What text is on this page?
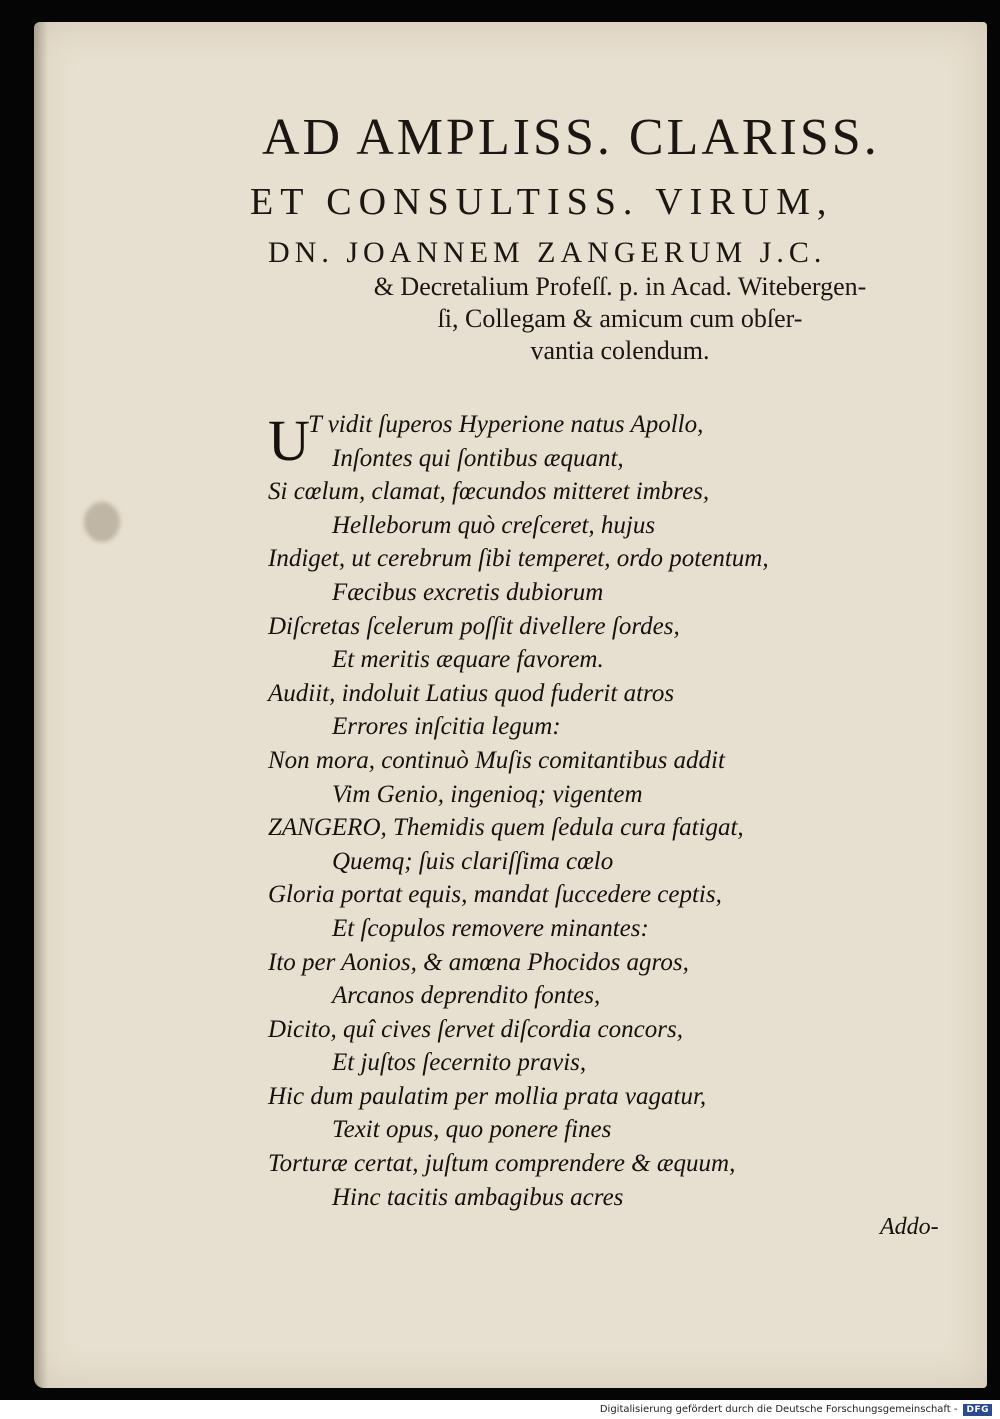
AD AMPLISS. CLARISS.
ET CONSULTISS. VIRUM,
DN. JOANNEM ZANGERUM J.C.
& Decretalium Profeſſ. p. in Acad. Witebergen-
ſi, Collegam & amicum cum obſer-
vantia colendum.
U
T vidit ſuperos Hyperione natus Apollo,
Inſontes qui ſontibus æquant,
Si cœlum, clamat, fœcundos mitteret imbres,
Helleborum quò creſceret, hujus
Indiget, ut cerebrum ſibi temperet, ordo potentum,
Fæcibus excretis dubiorum
Diſcretas ſcelerum poſſit divellere ſordes,
Et meritis æquare favorem.
Audiit, indoluit Latius quod fuderit atros
Errores inſcitia legum:
Non mora, continuò Muſis comitantibus addit
Vim Genio, ingenioq; vigentem
ZANGERO, Themidis quem ſedula cura fatigat,
Quemq; ſuis clariſſima cœlo
Gloria portat equis, mandat ſuccedere ceptis,
Et ſcopulos removere minantes:
Ito per Aonios, & amœna Phocidos agros,
Arcanos deprendito fontes,
Dicito, quî cives ſervet diſcordia concors,
Et juſtos ſecernito pravis,
Hic dum paulatim per mollia prata vagatur,
Texit opus, quo ponere fines
Torturæ certat, juſtum comprendere & æquum,
Hinc tacitis ambagibus acres
Addo-
Digitalisierung gefördert durch die Deutsche Forschungsgemeinschaft -	DFG
